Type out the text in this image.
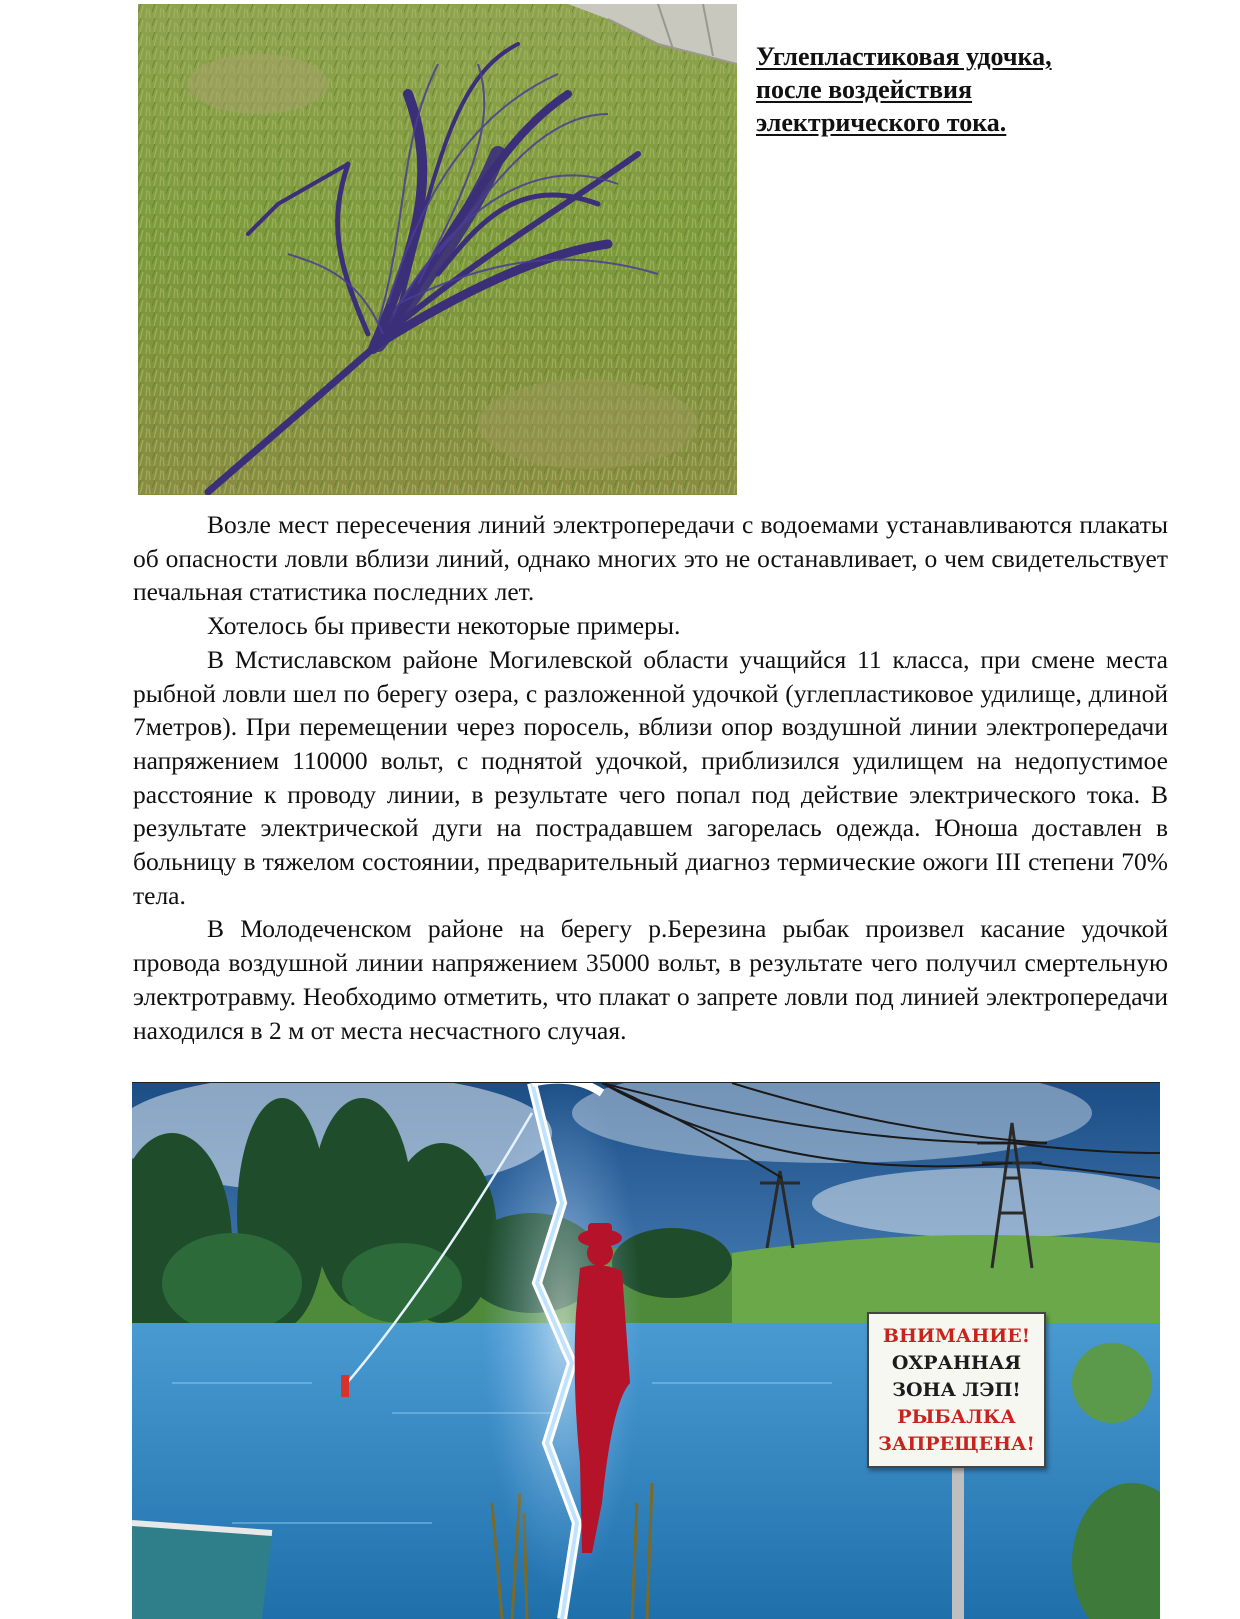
Углепластиковая удочка,
после воздействия
электрического тока.

Возле мест пересечения линий электропередачи с водоемами устанавливаются плакаты об опасности ловли вблизи линий, однако многих это не останавливает, о чем свидетельствует печальная статистика последних лет.

Хотелось бы привести некоторые примеры.

В Мстиславском районе Могилевской области учащийся 11 класса, при смене места рыбной ловли шел по берегу озера, с разложенной удочкой (углепластиковое удилище, длиной 7метров). При перемещении через поросель, вблизи опор воздушной линии электропередачи напряжением 110000 вольт, с поднятой удочкой, приблизился удилищем на недопустимое расстояние к проводу линии, в результате чего попал под действие электрического тока. В результате электрической дуги на пострадавшем загорелась одежда. Юноша доставлен в больницу в тяжелом состоянии, предварительный диагноз термические ожоги III степени 70% тела.

В Молодеченском районе на берегу р.Березина рыбак произвел касание удочкой провода воздушной линии напряжением 35000 вольт, в результате чего получил смертельную электротравму. Необходимо отметить, что плакат о запрете ловли под линией электропередачи находился в 2 м от места несчастного случая.

ВНИМАНИЕ!
ОХРАННАЯ
ЗОНА ЛЭП!
РЫБАЛКА
ЗАПРЕЩЕНА!
